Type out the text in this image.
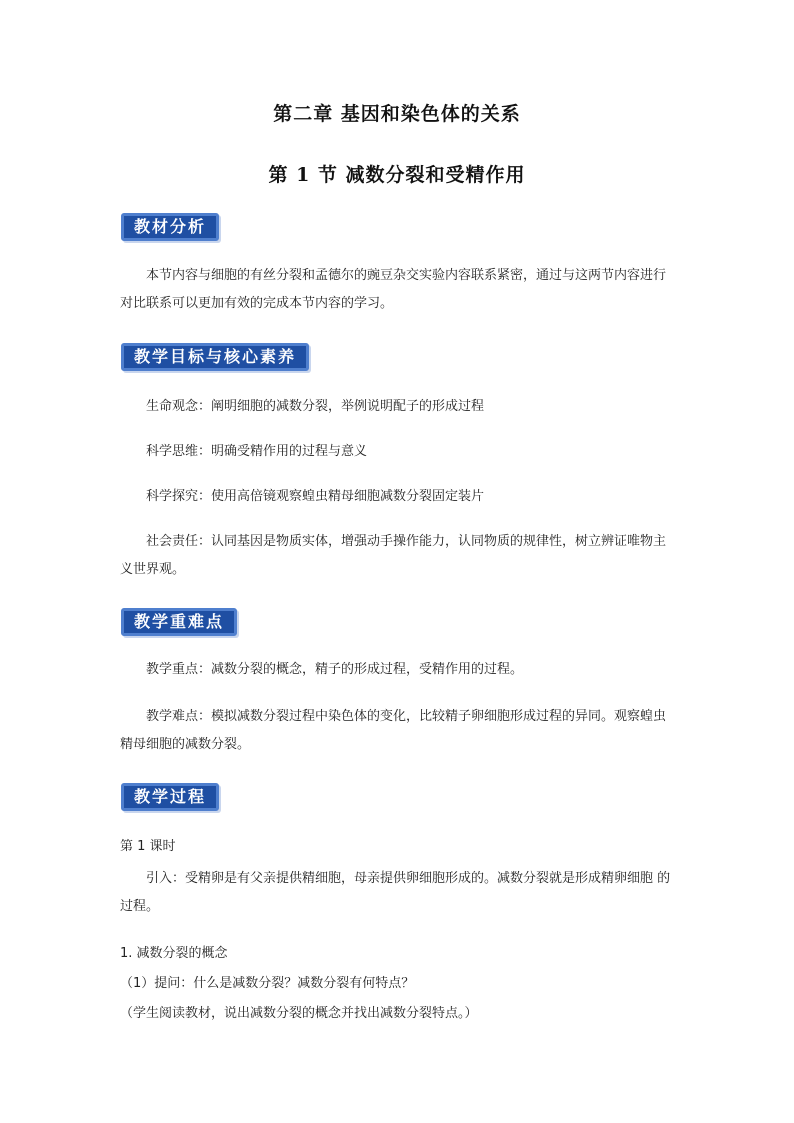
第二章 基因和染色体的关系
第 1 节 减数分裂和受精作用
教材分析

本节内容与细胞的有丝分裂和孟德尔的豌豆杂交实验内容联系紧密，通过与这两节内容进行对比联系可以更加有效的完成本节内容的学习。

教学目标与核心素养

生命观念：阐明细胞的减数分裂，举例说明配子的形成过程

科学思维：明确受精作用的过程与意义

科学探究：使用高倍镜观察蝗虫精母细胞减数分裂固定装片

社会责任：认同基因是物质实体，增强动手操作能力，认同物质的规律性，树立辨证唯物主义世界观。

教学重难点

教学重点：减数分裂的概念，精子的形成过程，受精作用的过程。

教学难点：模拟减数分裂过程中染色体的变化，比较精子卵细胞形成过程的异同。观察蝗虫精母细胞的减数分裂。

教学过程
第 1 课时

引入：受精卵是有父亲提供精细胞，母亲提供卵细胞形成的。减数分裂就是形成精卵细胞 的过程。

1. 减数分裂的概念
（1）提问：什么是减数分裂？减数分裂有何特点？
（学生阅读教材，说出减数分裂的概念并找出减数分裂特点。）
